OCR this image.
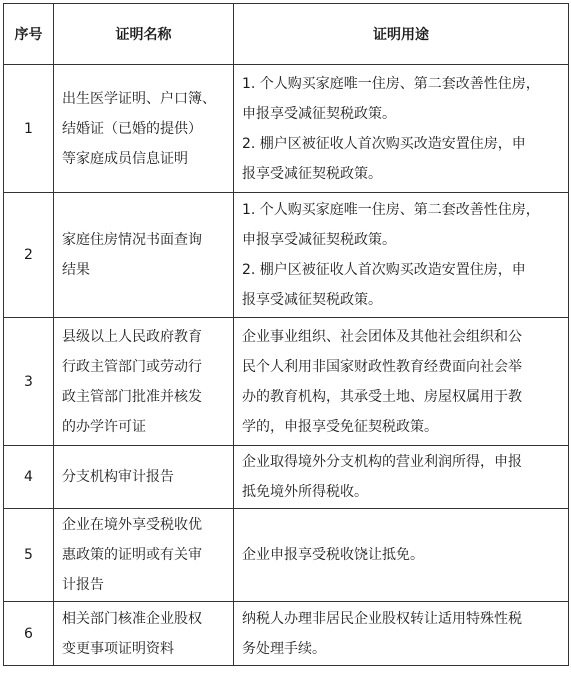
序号	证明名称	证明用途
1	出生医学证明、户口簿、
结婚证（已婚的提供）
等家庭成员信息证明	1. 个人购买家庭唯一住房、第二套改善性住房，
申报享受减征契税政策。
2. 棚户区被征收人首次购买改造安置住房，申
报享受减征契税政策。

2	家庭住房情况书面查询
结果	1. 个人购买家庭唯一住房、第二套改善性住房，
申报享受减征契税政策。
2. 棚户区被征收人首次购买改造安置住房，申
报享受减征契税政策。

3	县级以上人民政府教育
行政主管部门或劳动行
政主管部门批准并核发
的办学许可证	企业事业组织、社会团体及其他社会组织和公
民个人利用非国家财政性教育经费面向社会举
办的教育机构，其承受土地、房屋权属用于教
学的，申报享受免征契税政策。

4	分支机构审计报告	企业取得境外分支机构的营业利润所得，申报
抵免境外所得税收。

5	企业在境外享受税收优
惠政策的证明或有关审
计报告	企业申报享受税收饶让抵免。

6	相关部门核准企业股权
变更事项证明资料	纳税人办理非居民企业股权转让适用特殊性税
务处理手续。
